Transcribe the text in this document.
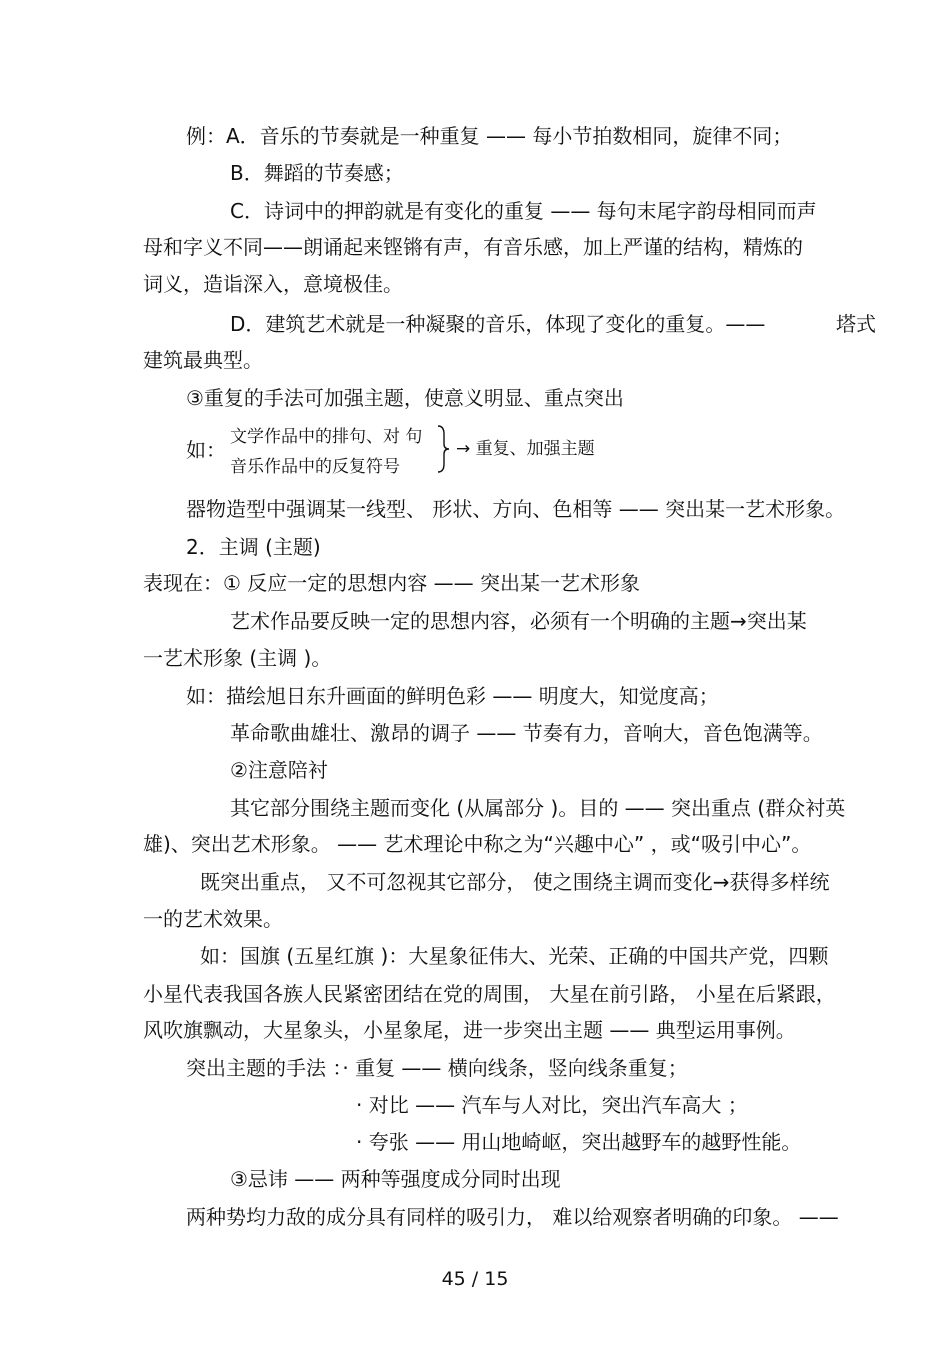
例：A．音乐的节奏就是一种重复 —— 每小节拍数相同，旋律不同；
B．舞蹈的节奏感；
C．诗词中的押韵就是有变化的重复 —— 每句末尾字韵母相同而声
母和字义不同——朗诵起来铿锵有声，有音乐感，加上严谨的结构，精炼的
词义，造诣深入，意境极佳。
D．建筑艺术就是一种凝聚的音乐，体现了变化的重复。——	塔式
建筑最典型。
③重复的手法可加强主题，使意义明显、重点突出
如：
文学作品中的排句、对 句
音乐作品中的反复符号
→ 重复、加强主题
器物造型中强调某一线型、 形状、方向、色相等 —— 突出某一艺术形象。
2．主调 (主题)
表现在：① 反应一定的思想内容 —— 突出某一艺术形象
艺术作品要反映一定的思想内容，必须有一个明确的主题→突出某
一艺术形象 (主调 )。
如：描绘旭日东升画面的鲜明色彩 —— 明度大，知觉度高；
革命歌曲雄壮、激昂的调子 —— 节奏有力，音响大，音色饱满等。
②注意陪衬
其它部分围绕主题而变化 (从属部分 )。目的 —— 突出重点 (群众衬英
雄)、突出艺术形象。 —— 艺术理论中称之为“兴趣中心” ，或“吸引中心”。
既突出重点， 又不可忽视其它部分， 使之围绕主调而变化→获得多样统
一的艺术效果。
如：国旗 (五星红旗 )：大星象征伟大、光荣、正确的中国共产党，四颗
小星代表我国各族人民紧密团结在党的周围， 大星在前引路， 小星在后紧跟，
风吹旗飘动，大星象头，小星象尾，进一步突出主题 —— 典型运用事例。
突出主题的手法 ：· 重复 —— 横向线条，竖向线条重复；
· 对比 —— 汽车与人对比，突出汽车高大 ；
· 夸张 —— 用山地崎岖，突出越野车的越野性能。
③忌讳 —— 两种等强度成分同时出现
两种势均力敌的成分具有同样的吸引力， 难以给观察者明确的印象。 ——
45 / 15
